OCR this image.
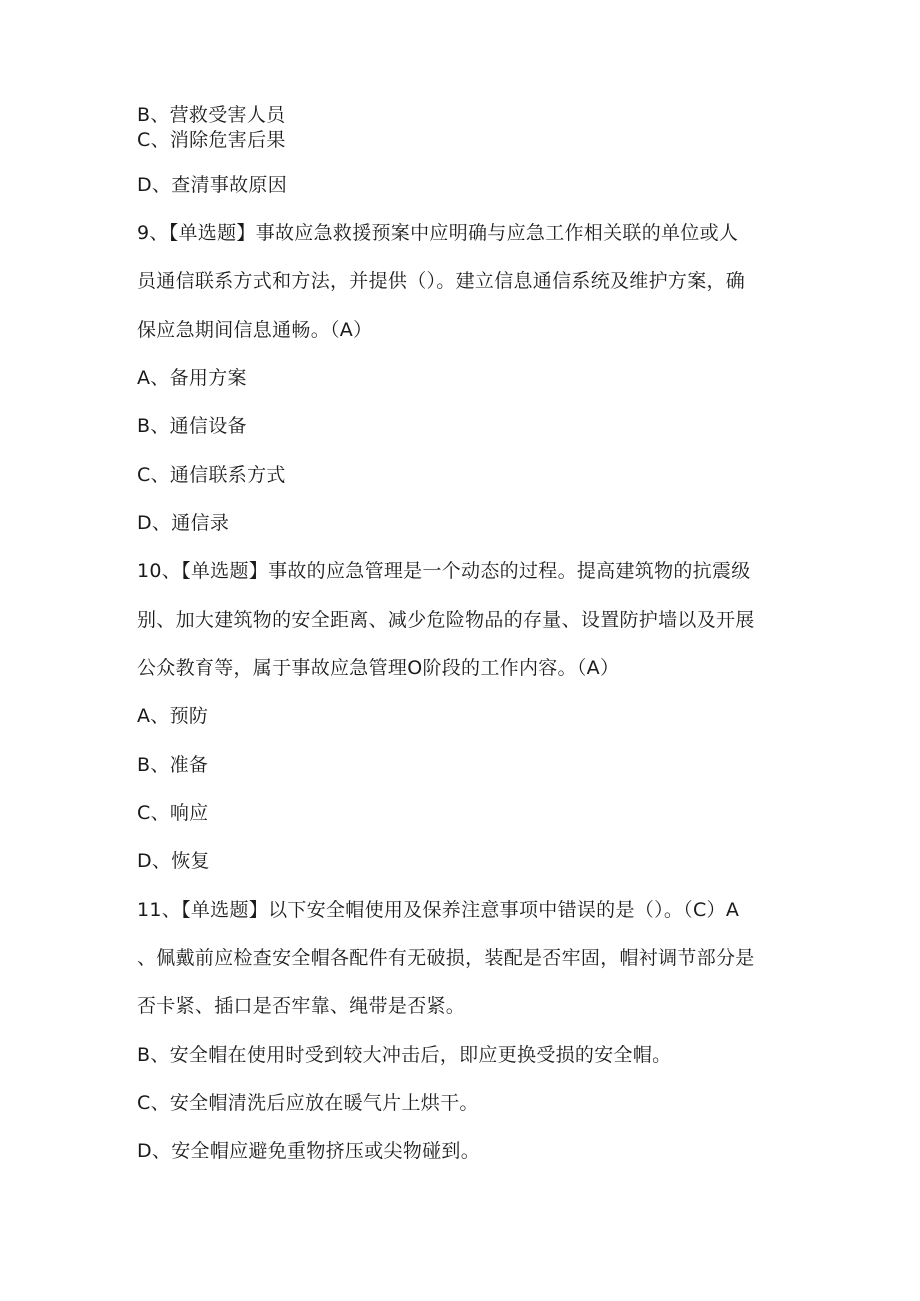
B、营救受害人员
C、消除危害后果
D、查清事故原因
9、【单选题】事故应急救援预案中应明确与应急工作相关联的单位或人
员通信联系方式和方法，并提供（）。建立信息通信系统及维护方案，确
保应急期间信息通畅。（A）
A、备用方案
B、通信设备
C、通信联系方式
D、通信录
10、【单选题】事故的应急管理是一个动态的过程。提高建筑物的抗震级
别、加大建筑物的安全距离、减少危险物品的存量、设置防护墙以及开展
公众教育等，属于事故应急管理O阶段的工作内容。（A）
A、预防
B、准备
C、响应
D、恢复
11、【单选题】以下安全帽使用及保养注意事项中错误的是（）。（C）A
、佩戴前应检查安全帽各配件有无破损，装配是否牢固，帽衬调节部分是
否卡紧、插口是否牢靠、绳带是否紧。
B、安全帽在使用时受到较大冲击后，即应更换受损的安全帽。
C、安全帽清洗后应放在暖气片上烘干。
D、安全帽应避免重物挤压或尖物碰到。
